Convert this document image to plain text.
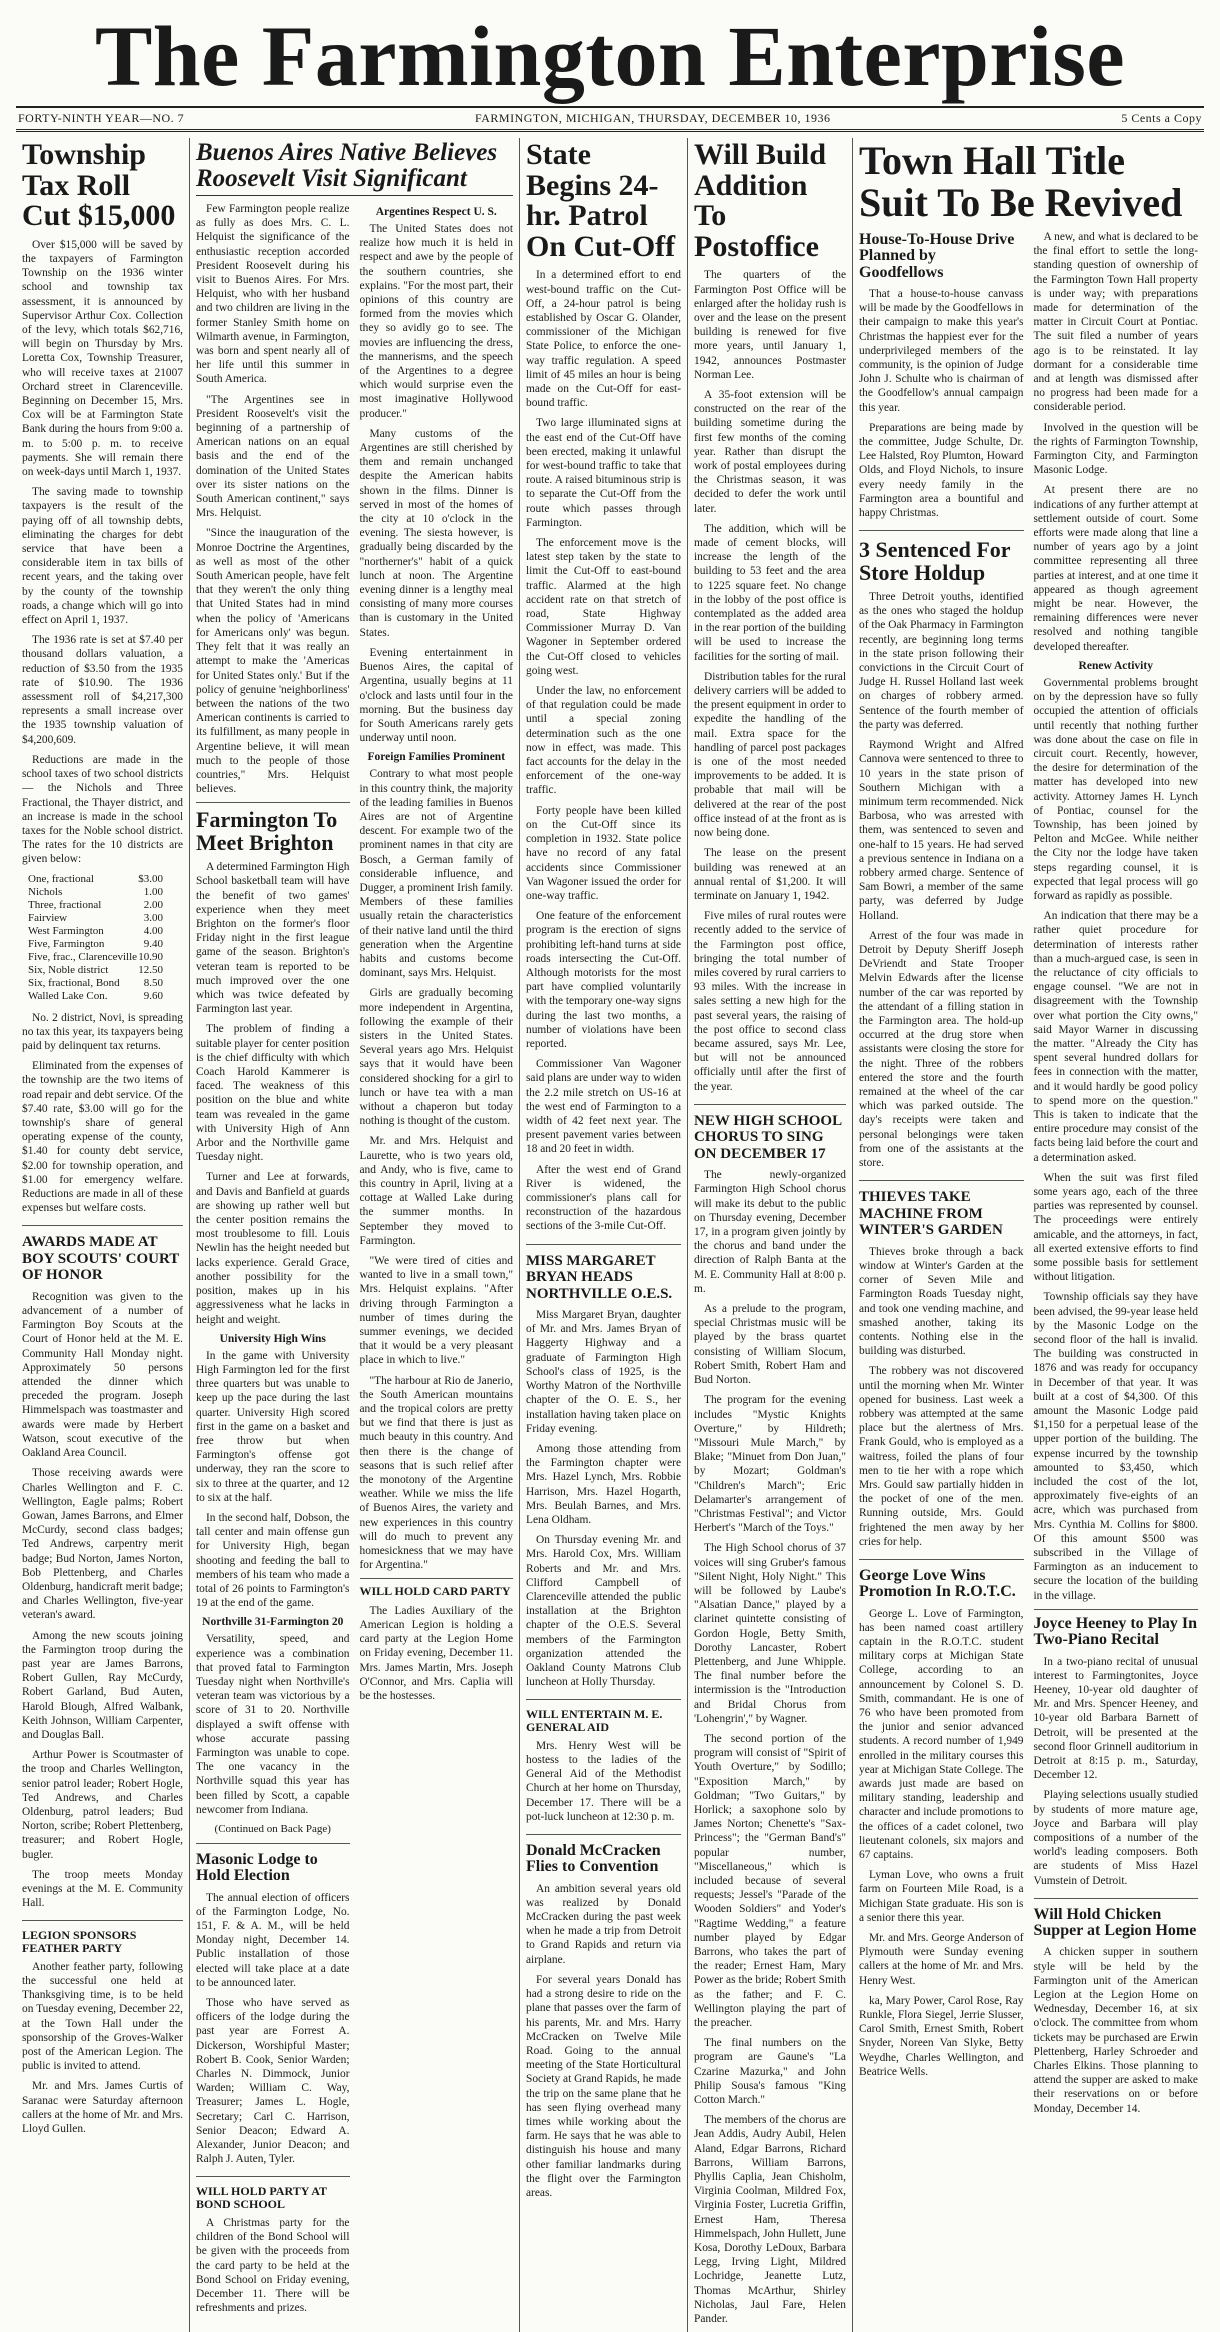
The Farmington Enterprise
FORTY-NINTH YEAR—NO. 7	FARMINGTON, MICHIGAN, THURSDAY, DECEMBER 10, 1936	5 Cents a Copy
Township Tax Roll Cut $15,000

Over $15,000 will be saved by the taxpayers of Farmington Township on the 1936 winter school and township tax assessment, it is announced by Supervisor Arthur Cox. Collection of the levy, which totals $62,716, will begin on Thursday by Mrs. Loretta Cox, Township Treasurer, who will receive taxes at 21007 Orchard street in Clarenceville. Beginning on December 15, Mrs. Cox will be at Farmington State Bank during the hours from 9:00 a. m. to 5:00 p. m. to receive payments. She will remain there on week-days until March 1, 1937.

The saving made to township taxpayers is the result of the paying off of all township debts, eliminating the charges for debt service that have been a considerable item in tax bills of recent years, and the taking over by the county of the township roads, a change which will go into effect on April 1, 1937.

The 1936 rate is set at $7.40 per thousand dollars valuation, a reduction of $3.50 from the 1935 rate of $10.90. The 1936 assessment roll of $4,217,300 represents a small increase over the 1935 township valuation of $4,200,609.

Reductions are made in the school taxes of two school districts — the Nichols and Three Fractional, the Thayer district, and an increase is made in the school taxes for the Noble school district. The rates for the 10 districts are given below:

One, fractional	$3.00
Nichols	1.00
Three, fractional	2.00
Fairview	3.00
West Farmington	4.00
Five, Farmington	9.40
Five, frac., Clarenceville 10.90
Six, Noble district	12.50
Six, fractional, Bond 8.50
Walled Lake Con.	9.60

No. 2 district, Novi, is spreading no tax this year, its taxpayers being paid by delinquent tax returns.

Eliminated from the expenses of the township are the two items of road repair and debt service. Of the $7.40 rate, $3.00 will go for the township's share of general operating expense of the county, $1.40 for county debt service, $2.00 for township operation, and $1.00 for emergency welfare. Reductions are made in all of these expenses but welfare costs.

AWARDS MADE AT BOY SCOUTS' COURT OF HONOR

Recognition was given to the advancement of a number of Farmington Boy Scouts at the Court of Honor held at the M. E. Community Hall Monday night. Approximately 50 persons attended the dinner which preceded the program. Joseph Himmelspach was toastmaster and awards were made by Herbert Watson, scout executive of the Oakland Area Council.

Those receiving awards were Charles Wellington and F. C. Wellington, Eagle palms; Robert Gowan, James Barrons, and Elmer McCurdy, second class badges; Ted Andrews, carpentry merit badge; Bud Norton, James Norton, Bob Plettenberg, and Charles Oldenburg, handicraft merit badge; and Charles Wellington, five-year veteran's award.

Among the new scouts joining the Farmington troop during the past year are James Barrons, Robert Gullen, Ray McCurdy, Robert Garland, Bud Auten, Harold Blough, Alfred Walbank, Keith Johnson, William Carpenter, and Douglas Ball.

Arthur Power is Scoutmaster of the troop and Charles Wellington, senior patrol leader; Robert Hogle, Ted Andrews, and Charles Oldenburg, patrol leaders; Bud Norton, scribe; Robert Plettenberg, treasurer; and Robert Hogle, bugler.

The troop meets Monday evenings at the M. E. Community Hall.

LEGION SPONSORS FEATHER PARTY

Another feather party, following the successful one held at Thanksgiving time, is to be held on Tuesday evening, December 22, at the Town Hall under the sponsorship of the Groves-Walker post of the American Legion. The public is invited to attend.

Mr. and Mrs. James Curtis of Saranac were Saturday afternoon callers at the home of Mr. and Mrs. Lloyd Gullen.

Buenos Aires Native Believes Roosevelt Visit Significant

Few Farmington people realize as fully as does Mrs. C. L. Helquist the significance of the enthusiastic reception accorded President Roosevelt during his visit to Buenos Aires. For Mrs. Helquist, who with her husband and two children are living in the former Stanley Smith home on Wilmarth avenue, in Farmington, was born and spent nearly all of her life until this summer in South America.

"The Argentines see in President Roosevelt's visit the beginning of a partnership of American nations on an equal basis and the end of the domination of the United States over its sister nations on the South American continent," says Mrs. Helquist.

"Since the inauguration of the Monroe Doctrine the Argentines, as well as most of the other South American people, have felt that they weren't the only thing that United States had in mind when the policy of 'Americans for Americans only' was begun. They felt that it was really an attempt to make the 'Americas for United States only.' But if the policy of genuine 'neighborliness' between the nations of the two American continents is carried to its fulfillment, as many people in Argentine believe, it will mean much to the people of those countries," Mrs. Helquist believes.

Farmington To Meet Brighton

A determined Farmington High School basketball team will have the benefit of two games' experience when they meet Brighton on the former's floor Friday night in the first league game of the season. Brighton's veteran team is reported to be much improved over the one which was twice defeated by Farmington last year.

The problem of finding a suitable player for center position is the chief difficulty with which Coach Harold Kammerer is faced. The weakness of this position on the blue and white team was revealed in the game with University High of Ann Arbor and the Northville game Tuesday night.

Turner and Lee at forwards, and Davis and Banfield at guards are showing up rather well but the center position remains the most troublesome to fill. Louis Newlin has the height needed but lacks experience. Gerald Grace, another possibility for the position, makes up in his aggressiveness what he lacks in height and weight.

University High Wins

In the game with University High Farmington led for the first three quarters but was unable to keep up the pace during the last quarter. University High scored first in the game on a basket and free throw but when Farmington's offense got underway, they ran the score to six to three at the quarter, and 12 to six at the half.

In the second half, Dobson, the tall center and main offense gun for University High, began shooting and feeding the ball to members of his team who made a total of 26 points to Farmington's 19 at the end of the game.

Northville 31-Farmington 20

Versatility, speed, and experience was a combination that proved fatal to Farmington Tuesday night when Northville's veteran team was victorious by a score of 31 to 20. Northville displayed a swift offense with whose accurate passing Farmington was unable to cope. The one vacancy in the Northville squad this year has been filled by Scott, a capable newcomer from Indiana.

(Continued on Back Page)
Masonic Lodge to Hold Election

The annual election of officers of the Farmington Lodge, No. 151, F. & A. M., will be held Monday night, December 14. Public installation of those elected will take place at a date to be announced later.

Those who have served as officers of the lodge during the past year are Forrest A. Dickerson, Worshipful Master; Robert B. Cook, Senior Warden; Charles N. Dimmock, Junior Warden; William C. Way, Treasurer; James L. Hogle, Secretary; Carl C. Harrison, Senior Deacon; Edward A. Alexander, Junior Deacon; and Ralph J. Auten, Tyler.

WILL HOLD PARTY AT BOND SCHOOL

A Christmas party for the children of the Bond School will be given with the proceeds from the card party to be held at the Bond School on Friday evening, December 11. There will be refreshments and prizes.

Argentines Respect U. S.

The United States does not realize how much it is held in respect and awe by the people of the southern countries, she explains. "For the most part, their opinions of this country are formed from the movies which they so avidly go to see. The movies are influencing the dress, the mannerisms, and the speech of the Argentines to a degree which would surprise even the most imaginative Hollywood producer."

Many customs of the Argentines are still cherished by them and remain unchanged despite the American habits shown in the films. Dinner is served in most of the homes of the city at 10 o'clock in the evening. The siesta however, is gradually being discarded by the "northerner's" habit of a quick lunch at noon. The Argentine evening dinner is a lengthy meal consisting of many more courses than is customary in the United States.

Evening entertainment in Buenos Aires, the capital of Argentina, usually begins at 11 o'clock and lasts until four in the morning. But the business day for South Americans rarely gets underway until noon.

Foreign Families Prominent

Contrary to what most people in this country think, the majority of the leading families in Buenos Aires are not of Argentine descent. For example two of the prominent names in that city are Bosch, a German family of considerable influence, and Dugger, a prominent Irish family. Members of these families usually retain the characteristics of their native land until the third generation when the Argentine habits and customs become dominant, says Mrs. Helquist.

Girls are gradually becoming more independent in Argentina, following the example of their sisters in the United States. Several years ago Mrs. Helquist says that it would have been considered shocking for a girl to lunch or have tea with a man without a chaperon but today nothing is thought of the custom.

Mr. and Mrs. Helquist and Laurette, who is two years old, and Andy, who is five, came to this country in April, living at a cottage at Walled Lake during the summer months. In September they moved to Farmington.

"We were tired of cities and wanted to live in a small town," Mrs. Helquist explains. "After driving through Farmington a number of times during the summer evenings, we decided that it would be a very pleasant place in which to live."

"The harbour at Rio de Janerio, the South American mountains and the tropical colors are pretty but we find that there is just as much beauty in this country. And then there is the change of seasons that is such relief after the monotony of the Argentine weather. While we miss the life of Buenos Aires, the variety and new experiences in this country will do much to prevent any homesickness that we may have for Argentina."

WILL HOLD CARD PARTY

The Ladies Auxiliary of the American Legion is holding a card party at the Legion Home on Friday evening, December 11. Mrs. James Martin, Mrs. Joseph O'Connor, and Mrs. Caplia will be the hostesses.

State Begins 24-hr. Patrol On Cut-Off

In a determined effort to end west-bound traffic on the Cut-Off, a 24-hour patrol is being established by Oscar G. Olander, commissioner of the Michigan State Police, to enforce the one-way traffic regulation. A speed limit of 45 miles an hour is being made on the Cut-Off for east-bound traffic.

Two large illuminated signs at the east end of the Cut-Off have been erected, making it unlawful for west-bound traffic to take that route. A raised bituminous strip is to separate the Cut-Off from the route which passes through Farmington.

The enforcement move is the latest step taken by the state to limit the Cut-Off to east-bound traffic. Alarmed at the high accident rate on that stretch of road, State Highway Commissioner Murray D. Van Wagoner in September ordered the Cut-Off closed to vehicles going west.

Under the law, no enforcement of that regulation could be made until a special zoning determination such as the one now in effect, was made. This fact accounts for the delay in the enforcement of the one-way traffic.

Forty people have been killed on the Cut-Off since its completion in 1932. State police have no record of any fatal accidents since Commissioner Van Wagoner issued the order for one-way traffic.

One feature of the enforcement program is the erection of signs prohibiting left-hand turns at side roads intersecting the Cut-Off. Although motorists for the most part have complied voluntarily with the temporary one-way signs during the last two months, a number of violations have been reported.

Commissioner Van Wagoner said plans are under way to widen the 2.2 mile stretch on US-16 at the west end of Farmington to a width of 42 feet next year. The present pavement varies between 18 and 20 feet in width.

After the west end of Grand River is widened, the commissioner's plans call for reconstruction of the hazardous sections of the 3-mile Cut-Off.

MISS MARGARET BRYAN HEADS NORTHVILLE O.E.S.

Miss Margaret Bryan, daughter of Mr. and Mrs. James Bryan of Haggerty Highway and a graduate of Farmington High School's class of 1925, is the Worthy Matron of the Northville chapter of the O. E. S., her installation having taken place on Friday evening.

Among those attending from the Farmington chapter were Mrs. Hazel Lynch, Mrs. Robbie Harrison, Mrs. Hazel Hogarth, Mrs. Beulah Barnes, and Mrs. Lena Oldham.

On Thursday evening Mr. and Mrs. Harold Cox, Mrs. William Roberts and Mr. and Mrs. Clifford Campbell of Clarenceville attended the public installation at the Brighton chapter of the O.E.S. Several members of the Farmington organization attended the Oakland County Matrons Club luncheon at Holly Thursday.

WILL ENTERTAIN M. E. GENERAL AID

Mrs. Henry West will be hostess to the ladies of the General Aid of the Methodist Church at her home on Thursday, December 17. There will be a pot-luck luncheon at 12:30 p. m.

Donald McCracken Flies to Convention

An ambition several years old was realized by Donald McCracken during the past week when he made a trip from Detroit to Grand Rapids and return via airplane.

For several years Donald has had a strong desire to ride on the plane that passes over the farm of his parents, Mr. and Mrs. Harry McCracken on Twelve Mile Road. Going to the annual meeting of the State Horticultural Society at Grand Rapids, he made the trip on the same plane that he has seen flying overhead many times while working about the farm. He says that he was able to distinguish his house and many other familiar landmarks during the flight over the Farmington areas.

Will Build Addition To Postoffice

The quarters of the Farmington Post Office will be enlarged after the holiday rush is over and the lease on the present building is renewed for five more years, until January 1, 1942, announces Postmaster Norman Lee.

A 35-foot extension will be constructed on the rear of the building sometime during the first few months of the coming year. Rather than disrupt the work of postal employees during the Christmas season, it was decided to defer the work until later.

The addition, which will be made of cement blocks, will increase the length of the building to 53 feet and the area to 1225 square feet. No change in the lobby of the post office is contemplated as the added area in the rear portion of the building will be used to increase the facilities for the sorting of mail.

Distribution tables for the rural delivery carriers will be added to the present equipment in order to expedite the handling of the mail. Extra space for the handling of parcel post packages is one of the most needed improvements to be added. It is probable that mail will be delivered at the rear of the post office instead of at the front as is now being done.

The lease on the present building was renewed at an annual rental of $1,200. It will terminate on January 1, 1942.

Five miles of rural routes were recently added to the service of the Farmington post office, bringing the total number of miles covered by rural carriers to 93 miles. With the increase in sales setting a new high for the past several years, the raising of the post office to second class became assured, says Mr. Lee, but will not be announced officially until after the first of the year.

NEW HIGH SCHOOL CHORUS TO SING ON DECEMBER 17

The newly-organized Farmington High School chorus will make its debut to the public on Thursday evening, December 17, in a program given jointly by the chorus and band under the direction of Ralph Banta at the M. E. Community Hall at 8:00 p. m.

As a prelude to the program, special Christmas music will be played by the brass quartet consisting of William Slocum, Robert Smith, Robert Ham and Bud Norton.

The program for the evening includes "Mystic Knights Overture," by Hildreth; "Missouri Mule March," by Blake; "Minuet from Don Juan," by Mozart; Goldman's "Children's March"; Eric Delamarter's arrangement of "Christmas Festival"; and Victor Herbert's "March of the Toys."

The High School chorus of 37 voices will sing Gruber's famous "Silent Night, Holy Night." This will be followed by Laube's "Alsatian Dance," played by a clarinet quintette consisting of Gordon Hogle, Betty Smith, Dorothy Lancaster, Robert Plettenberg, and June Whipple. The final number before the intermission is the "Introduction and Bridal Chorus from 'Lohengrin'," by Wagner.

The second portion of the program will consist of "Spirit of Youth Overture," by Sodillo; "Exposition March," by Goldman; "Two Guitars," by Horlick; a saxophone solo by James Norton; Chenette's "Sax-Princess"; the "German Band's" popular number, "Miscellaneous," which is included because of several requests; Jessel's "Parade of the Wooden Soldiers" and Yoder's "Ragtime Wedding," a feature number played by Edgar Barrons, who takes the part of the reader; Ernest Ham, Mary Power as the bride; Robert Smith as the father; and F. C. Wellington playing the part of the preacher.

The final numbers on the program are Gaune's "La Czarine Mazurka," and John Philip Sousa's famous "King Cotton March."

The members of the chorus are Jean Addis, Audry Aubil, Helen Aland, Edgar Barrons, Richard Barrons, William Barrons, Phyllis Caplia, Jean Chisholm, Virginia Coolman, Mildred Fox, Virginia Foster, Lucretia Griffin, Ernest Ham, Theresa Himmelspach, John Hullett, June Kosa, Dorothy LeDoux, Barbara Legg, Irving Light, Mildred Lochridge, Jeanette Lutz, Thomas McArthur, Shirley Nicholas, Jaul Fare, Helen Pander.

Town Hall Title Suit To Be Revived
House-To-House Drive Planned by Goodfellows

That a house-to-house canvass will be made by the Goodfellows in their campaign to make this year's Christmas the happiest ever for the underprivileged members of the community, is the opinion of Judge John J. Schulte who is chairman of the Goodfellow's annual campaign this year.

Preparations are being made by the committee, Judge Schulte, Dr. Lee Halsted, Roy Plumton, Howard Olds, and Floyd Nichols, to insure every needy family in the Farmington area a bountiful and happy Christmas.

3 Sentenced For Store Holdup

Three Detroit youths, identified as the ones who staged the holdup of the Oak Pharmacy in Farmington recently, are beginning long terms in the state prison following their convictions in the Circuit Court of Judge H. Russel Holland last week on charges of robbery armed. Sentence of the fourth member of the party was deferred.

Raymond Wright and Alfred Cannova were sentenced to three to 10 years in the state prison of Southern Michigan with a minimum term recommended. Nick Barbosa, who was arrested with them, was sentenced to seven and one-half to 15 years. He had served a previous sentence in Indiana on a robbery armed charge. Sentence of Sam Bowri, a member of the same party, was deferred by Judge Holland.

Arrest of the four was made in Detroit by Deputy Sheriff Joseph DeVriendt and State Trooper Melvin Edwards after the license number of the car was reported by the attendant of a filling station in the Farmington area. The hold-up occurred at the drug store when assistants were closing the store for the night. Three of the robbers entered the store and the fourth remained at the wheel of the car which was parked outside. The day's receipts were taken and personal belongings were taken from one of the assistants at the store.

THIEVES TAKE MACHINE FROM WINTER'S GARDEN

Thieves broke through a back window at Winter's Garden at the corner of Seven Mile and Farmington Roads Tuesday night, and took one vending machine, and smashed another, taking its contents. Nothing else in the building was disturbed.

The robbery was not discovered until the morning when Mr. Winter opened for business. Last week a robbery was attempted at the same place but the alertness of Mrs. Frank Gould, who is employed as a waitress, foiled the plans of four men to tie her with a rope which Mrs. Gould saw partially hidden in the pocket of one of the men. Running outside, Mrs. Gould frightened the men away by her cries for help.

George Love Wins Promotion In R.O.T.C.

George L. Love of Farmington, has been named coast artillery captain in the R.O.T.C. student military corps at Michigan State College, according to an announcement by Colonel S. D. Smith, commandant. He is one of 76 who have been promoted from the junior and senior advanced students. A record number of 1,949 enrolled in the military courses this year at Michigan State College. The awards just made are based on military standing, leadership and character and include promotions to the offices of a cadet colonel, two lieutenant colonels, six majors and 67 captains.

Lyman Love, who owns a fruit farm on Fourteen Mile Road, is a Michigan State graduate. His son is a senior there this year.

Mr. and Mrs. George Anderson of Plymouth were Sunday evening callers at the home of Mr. and Mrs. Henry West.

ka, Mary Power, Carol Rose, Ray Runkle, Flora Siegel, Jerrie Slusser, Carol Smith, Ernest Smith, Robert Snyder, Noreen Van Slyke, Betty Weydhe, Charles Wellington, and Beatrice Wells.

A new, and what is declared to be the final effort to settle the long-standing question of ownership of the Farmington Town Hall property is under way; with preparations made for determination of the matter in Circuit Court at Pontiac. The suit filed a number of years ago is to be reinstated. It lay dormant for a considerable time and at length was dismissed after no progress had been made for a considerable period.

Involved in the question will be the rights of Farmington Township, Farmington City, and Farmington Masonic Lodge.

At present there are no indications of any further attempt at settlement outside of court. Some efforts were made along that line a number of years ago by a joint committee representing all three parties at interest, and at one time it appeared as though agreement might be near. However, the remaining differences were never resolved and nothing tangible developed thereafter.

Renew Activity

Governmental problems brought on by the depression have so fully occupied the attention of officials until recently that nothing further was done about the case on file in circuit court. Recently, however, the desire for determination of the matter has developed into new activity. Attorney James H. Lynch of Pontiac, counsel for the Township, has been joined by Pelton and McGee. While neither the City nor the lodge have taken steps regarding counsel, it is expected that legal process will go forward as rapidly as possible.

An indication that there may be a rather quiet procedure for determination of interests rather than a much-argued case, is seen in the reluctance of city officials to engage counsel. "We are not in disagreement with the Township over what portion the City owns," said Mayor Warner in discussing the matter. "Already the City has spent several hundred dollars for fees in connection with the matter, and it would hardly be good policy to spend more on the question." This is taken to indicate that the entire procedure may consist of the facts being laid before the court and a determination asked.

When the suit was first filed some years ago, each of the three parties was represented by counsel. The proceedings were entirely amicable, and the attorneys, in fact, all exerted extensive efforts to find some possible basis for settlement without litigation.

Township officials say they have been advised, the 99-year lease held by the Masonic Lodge on the second floor of the hall is invalid. The building was constructed in 1876 and was ready for occupancy in December of that year. It was built at a cost of $4,300. Of this amount the Masonic Lodge paid $1,150 for a perpetual lease of the upper portion of the building. The expense incurred by the township amounted to $3,450, which included the cost of the lot, approximately five-eights of an acre, which was purchased from Mrs. Cynthia M. Collins for $800. Of this amount $500 was subscribed in the Village of Farmington as an inducement to secure the location of the building in the village.

Joyce Heeney to Play In Two-Piano Recital

In a two-piano recital of unusual interest to Farmingtonites, Joyce Heeney, 10-year old daughter of Mr. and Mrs. Spencer Heeney, and 10-year old Barbara Barnett of Detroit, will be presented at the second floor Grinnell auditorium in Detroit at 8:15 p. m., Saturday, December 12.

Playing selections usually studied by students of more mature age, Joyce and Barbara will play compositions of a number of the world's leading composers. Both are students of Miss Hazel Vumstein of Detroit.

Will Hold Chicken Supper at Legion Home

A chicken supper in southern style will be held by the Farmington unit of the American Legion at the Legion Home on Wednesday, December 16, at six o'clock. The committee from whom tickets may be purchased are Erwin Plettenberg, Harley Schroeder and Charles Elkins. Those planning to attend the supper are asked to make their reservations on or before Monday, December 14.
